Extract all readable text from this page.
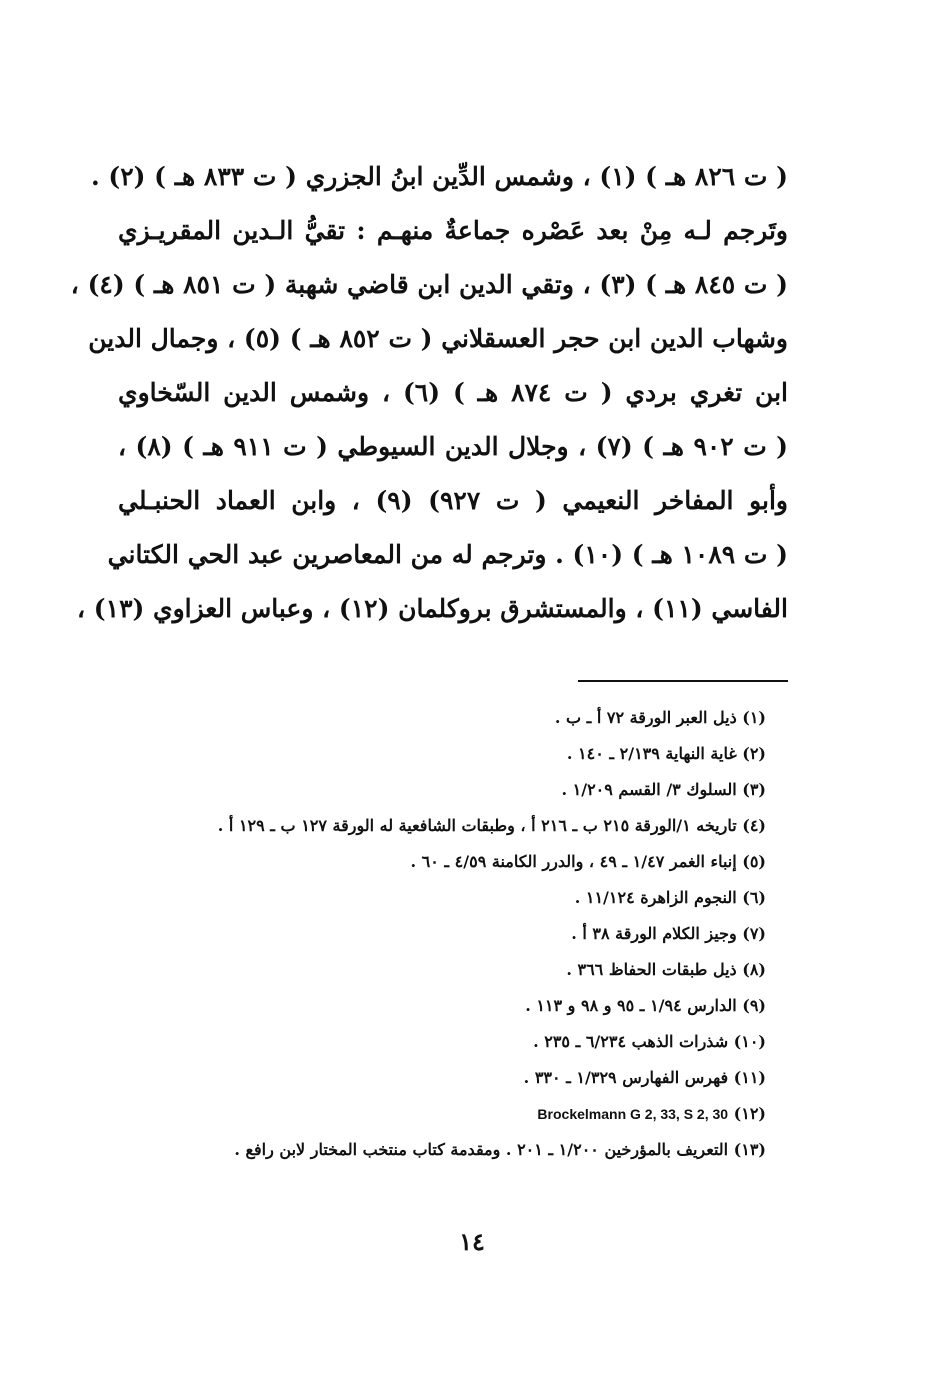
( ت ٨٢٦ هـ ) (١) ، وشمس الدِّين ابنُ الجزري ( ت ٨٣٣ هـ ) (٢) .
وتَرجم لـه مِنْ بعد عَصْره جماعةٌ منهـم : تقيُّ الـدين المقريـزي
( ت ٨٤٥ هـ ) (٣) ، وتقي الدين ابن قاضي شهبة ( ت ٨٥١ هـ ) (٤) ،
وشهاب الدين ابن حجر العسقلاني ( ت ٨٥٢ هـ ) (٥) ، وجمال الدين
ابن تغري بردي ( ت ٨٧٤ هـ ) (٦) ، وشمس الدين السّخاوي
( ت ٩٠٢ هـ ) (٧) ، وجلال الدين السيوطي ( ت ٩١١ هـ ) (٨) ،
وأبو المفاخر النعيمي ( ت ٩٢٧) (٩) ، وابن العماد الحنبـلي
( ت ١٠٨٩ هـ ) (١٠) . وترجم له من المعاصرين عبد الحي الكتاني
الفاسي (١١) ، والمستشرق بروكلمان (١٢) ، وعباس العزاوي (١٣) ،
(١) ذيل العبر الورقة ٧٢ أ ـ ب .
(٢) غاية النهاية ٢/١٣٩ ـ ١٤٠ .
(٣) السلوك ٣/ القسم ١/٢٠٩ .
(٤) تاريخه ١/الورقة ٢١٥ ب ـ ٢١٦ أ ، وطبقات الشافعية له الورقة ١٢٧ ب ـ ١٢٩ أ .
(٥) إنباء الغمر ١/٤٧ ـ ٤٩ ، والدرر الكامنة ٤/٥٩ ـ ٦٠ .
(٦) النجوم الزاهرة ١١/١٢٤ .
(٧) وجيز الكلام الورقة ٣٨ أ .
(٨) ذيل طبقات الحفاظ ٣٦٦ .
(٩) الدارس ١/٩٤ ـ ٩٥ و ٩٨ و ١١٣ .
(١٠) شذرات الذهب ٦/٢٣٤ ـ ٢٣٥ .
(١١) فهرس الفهارس ١/٣٢٩ ـ ٣٣٠ .
(١٢) Brockelmann G 2, 33, S 2, 30
(١٣) التعريف بالمؤرخين ١/٢٠٠ ـ ٢٠١ . ومقدمة كتاب منتخب المختار لابن رافع .
١٤
